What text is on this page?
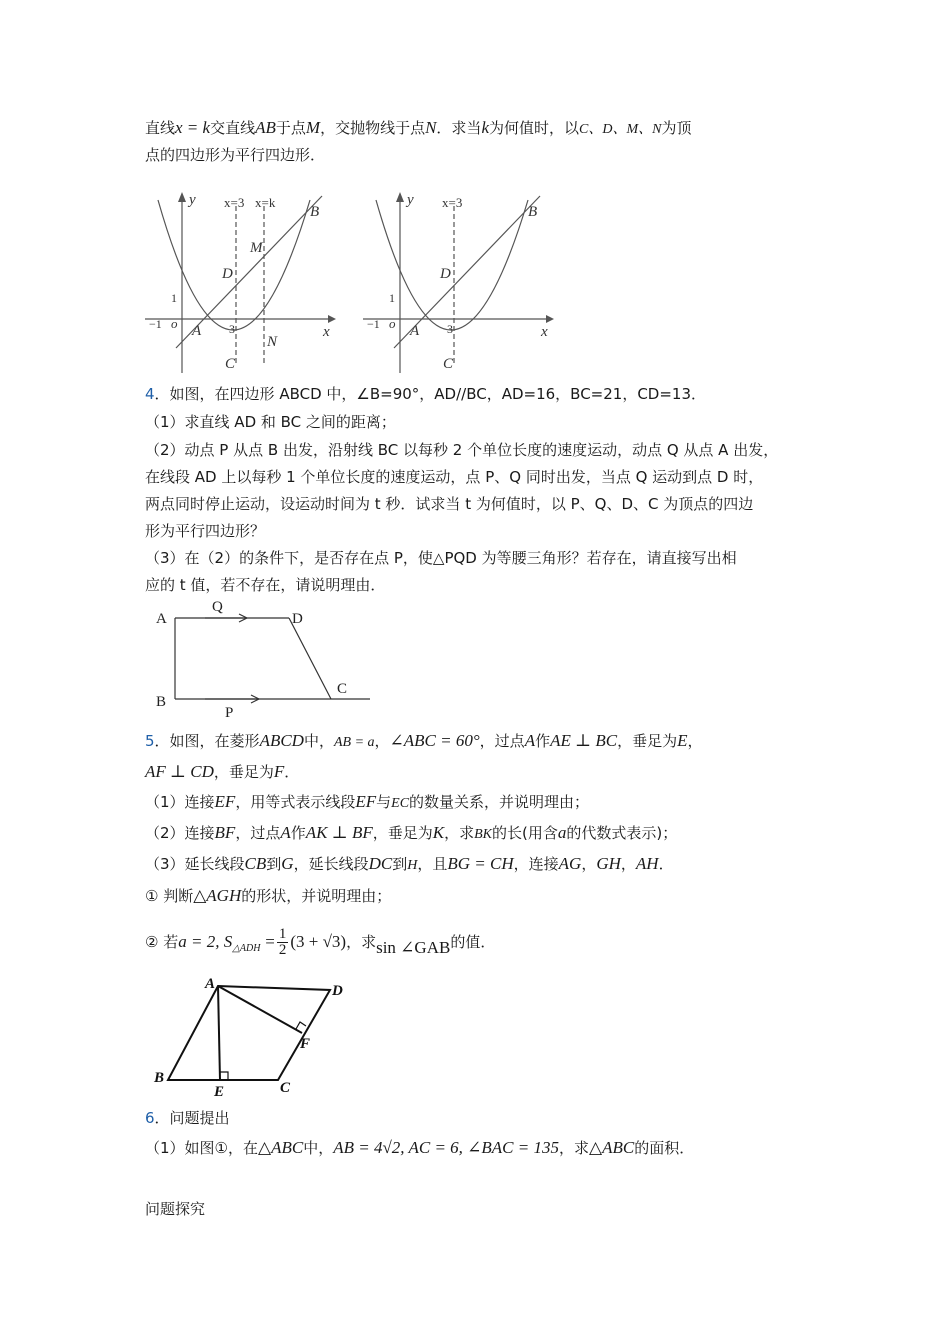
直线x = k交直线AB于点M，交抛物线于点N．求当k为何值时，以C、D、M、N为顶
点的四边形为平行四边形．
y
x
x=3 x=k
B
M
D
1
−1 o A 3
C
N
y
x
x=3
B
D
1
−1 o A 3
C
4．如图，在四边形 ABCD 中，∠B=90°，AD//BC，AD=16，BC=21，CD=13．
（1）求直线 AD 和 BC 之间的距离；
（2）动点 P 从点 B 出发，沿射线 BC 以每秒 2 个单位长度的速度运动，动点 Q 从点 A 出发，
在线段 AD 上以每秒 1 个单位长度的速度运动，点 P、Q 同时出发，当点 Q 运动到点 D 时，
两点同时停止运动，设运动时间为 t 秒．试求当 t 为何值时，以 P、Q、D、C 为顶点的四边
形为平行四边形？
（3）在（2）的条件下，是否存在点 P，使△PQD 为等腰三角形？若存在，请直接写出相
应的 t 值，若不存在，请说明理由．
A
Q
D
B
C
P
5．如图，在菱形ABCD中，AB = a，∠ABC = 60°，过点A作AE ⊥ BC，垂足为E，
AF ⊥ CD，垂足为F．
（1）连接EF，用等式表示线段EF与EC的数量关系，并说明理由；
（2）连接BF，过点A作AK ⊥ BF，垂足为K，求BK的长(用含a的代数式表示)；
（3）延长线段CB到G，延长线段DC到H，且BG = CH，连接AG，GH，AH．
① 判断△AGH的形状，并说明理由；
② 若a = 2, $S_{\triangle ADH} = \frac{1}{2} (3 + √3)$，求sin ∠GAB的值．
A	D
F
B
E	C
6．问题提出
（1）如图①，在△ABC中，AB = 4√2, AC = 6, ∠BAC = 135，求△ABC的面积．
问题探究
